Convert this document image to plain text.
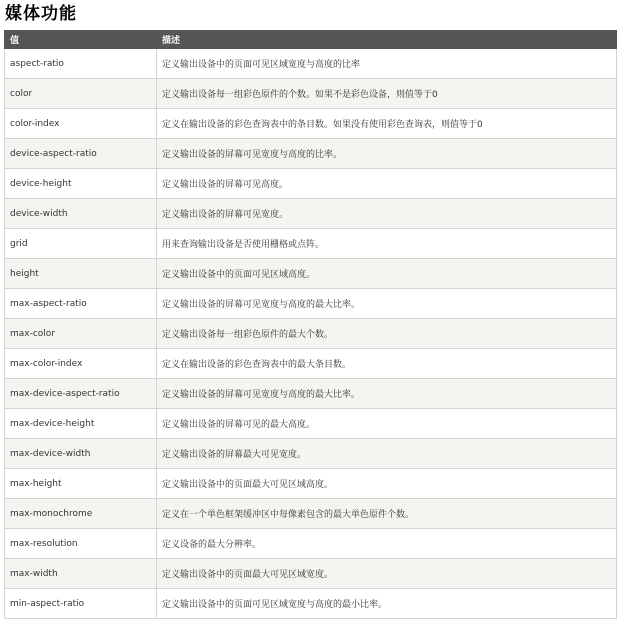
媒体功能
值	描述
aspect-ratio	定义输出设备中的页面可见区域宽度与高度的比率
color	定义输出设备每一组彩色原件的个数。如果不是彩色设备，则值等于0
color-index	定义在输出设备的彩色查询表中的条目数。如果没有使用彩色查询表，则值等于0
device-aspect-ratio	定义输出设备的屏幕可见宽度与高度的比率。
device-height	定义输出设备的屏幕可见高度。
device-width	定义输出设备的屏幕可见宽度。
grid	用来查询输出设备是否使用栅格或点阵。
height	定义输出设备中的页面可见区域高度。
max-aspect-ratio	定义输出设备的屏幕可见宽度与高度的最大比率。
max-color	定义输出设备每一组彩色原件的最大个数。
max-color-index	定义在输出设备的彩色查询表中的最大条目数。
max-device-aspect-ratio	定义输出设备的屏幕可见宽度与高度的最大比率。
max-device-height	定义输出设备的屏幕可见的最大高度。
max-device-width	定义输出设备的屏幕最大可见宽度。
max-height	定义输出设备中的页面最大可见区域高度。
max-monochrome	定义在一个单色框架缓冲区中每像素包含的最大单色原件个数。
max-resolution	定义设备的最大分辨率。
max-width	定义输出设备中的页面最大可见区域宽度。
min-aspect-ratio	定义输出设备中的页面可见区域宽度与高度的最小比率。
